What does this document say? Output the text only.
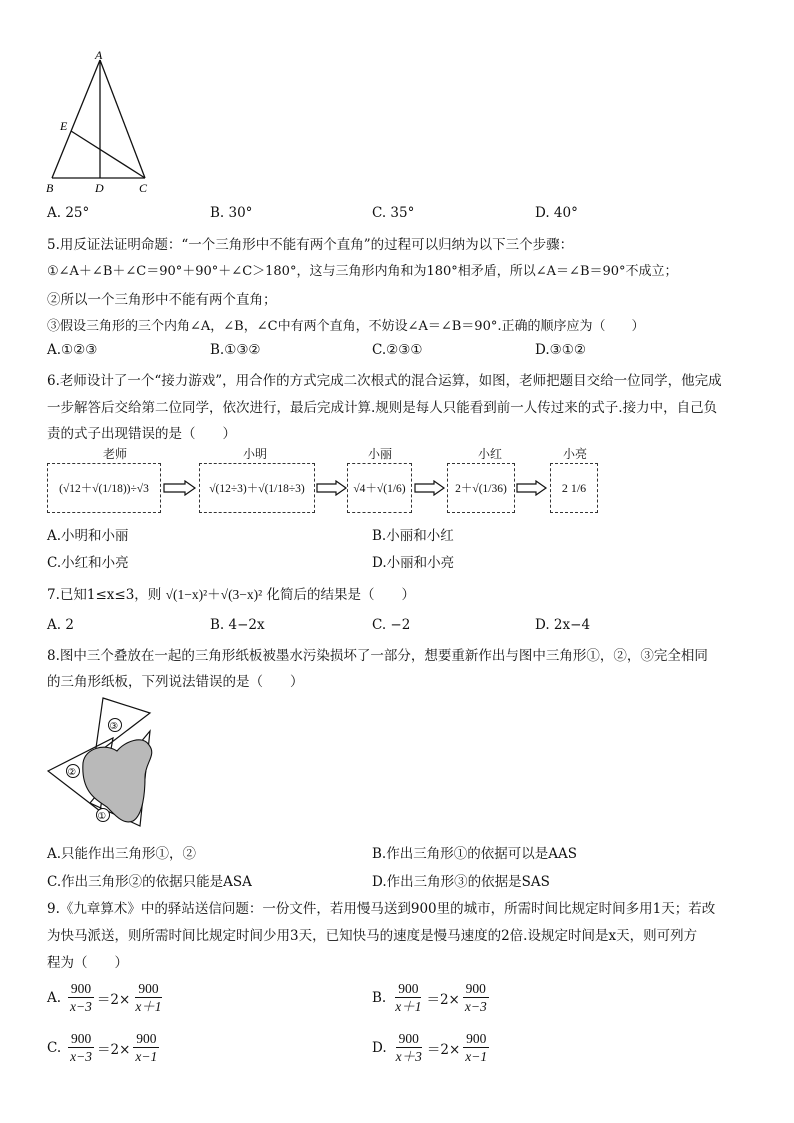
A
E
B	D	C
A. 25°	B. 30°	C. 35°	D. 40°
5.用反证法证明命题：“一个三角形中不能有两个直角”的过程可以归纳为以下三个步骤：
①∠A＋∠B＋∠C＝90°＋90°＋∠C＞180°，这与三角形内角和为180°相矛盾，所以∠A＝∠B＝90°不成立；
②所以一个三角形中不能有两个直角；
③假设三角形的三个内角∠A，∠B，∠C中有两个直角，不妨设∠A＝∠B＝90°.正确的顺序应为（　　）
A.①②③	B.①③②	C.②③①	D.③①②
6.老师设计了一个“接力游戏”，用合作的方式完成二次根式的混合运算，如图，老师把题目交给一位同学，他完成
一步解答后交给第二位同学，依次进行，最后完成计算.规则是每人只能看到前一人传过来的式子.接力中，自己负
责的式子出现错误的是（　　）
老师	小明	小丽	小红	小亮
(√12＋√(1/18))÷√3	√(12÷3)＋√(1/18÷3)	√4＋√(1/6)	2＋√(1/36)	2 1/6
A.小明和小丽	B.小丽和小红
C.小红和小亮	D.小丽和小亮
7.已知1≤x≤3，则 √(1−x)²＋√(3−x)² 化简后的结果是（　　）
A. 2	B. 4−2x	C. −2	D. 2x−4
8.图中三个叠放在一起的三角形纸板被墨水污染损坏了一部分，想要重新作出与图中三角形①，②，③完全相同
的三角形纸板，下列说法错误的是（　　）
③
②
①
A.只能作出三角形①，②	B.作出三角形①的依据可以是AAS
C.作出三角形②的依据只能是ASA	D.作出三角形③的依据是SAS
9.《九章算术》中的驿站送信问题：一份文件，若用慢马送到900里的城市，所需时间比规定时间多用1天；若改
为快马派送，则所需时间比规定时间少用3天，已知快马的速度是慢马速度的2倍.设规定时间是x天，则可列方
程为（　　）
A. $\frac{900}{x-3} =2\times \frac{900}{x+1}$	B. $\frac{900}{x+1} =2\times \frac{900}{x-3}$
C. $\frac{900}{x-3} =2\times \frac{900}{x-1}$	D. $\frac{900}{x+3} =2\times \frac{900}{x-1}$
